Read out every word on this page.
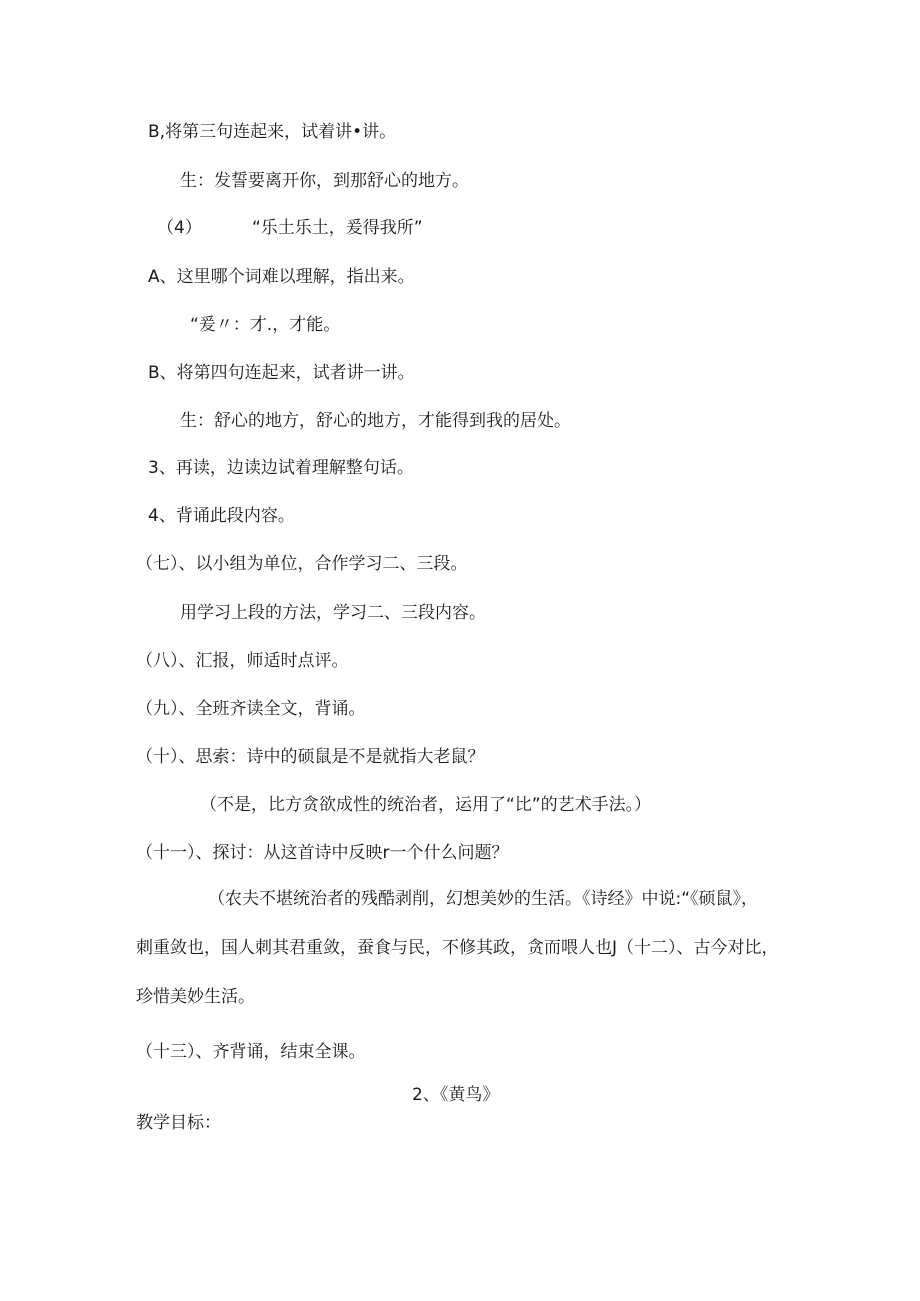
B,将第三句连起来，试着讲•讲。
生：发誓要离开你，到那舒心的地方。
（4）	“乐土乐土，爰得我所”
A、这里哪个词难以理解，指出来。
“爰〃：才.，才能。
B、将第四句连起来，试者讲一讲。
生：舒心的地方，舒心的地方，才能得到我的居处。
3、再读，边读边试着理解整句话。
4、背诵此段内容。
（七）、以小组为单位，合作学习二、三段。
用学习上段的方法，学习二、三段内容。
（八）、汇报，师适时点评。
（九）、全班齐读全文，背诵。
（十）、思索：诗中的硕鼠是不是就指大老鼠？
（不是，比方贪欲成性的统治者，运用了“比”的艺术手法。）
（十一）、探讨：从这首诗中反映r一个什么问题？
（农夫不堪统治者的残酷剥削，幻想美妙的生活。《诗经》中说:“《硕鼠》，
刺重敛也，国人刺其君重敛，蚕食与民，不修其政，贪而喂人也J（十二）、古今对比，
珍惜美妙生活。
（十三）、齐背诵，结束全课。
2、《黄鸟》
教学目标：
